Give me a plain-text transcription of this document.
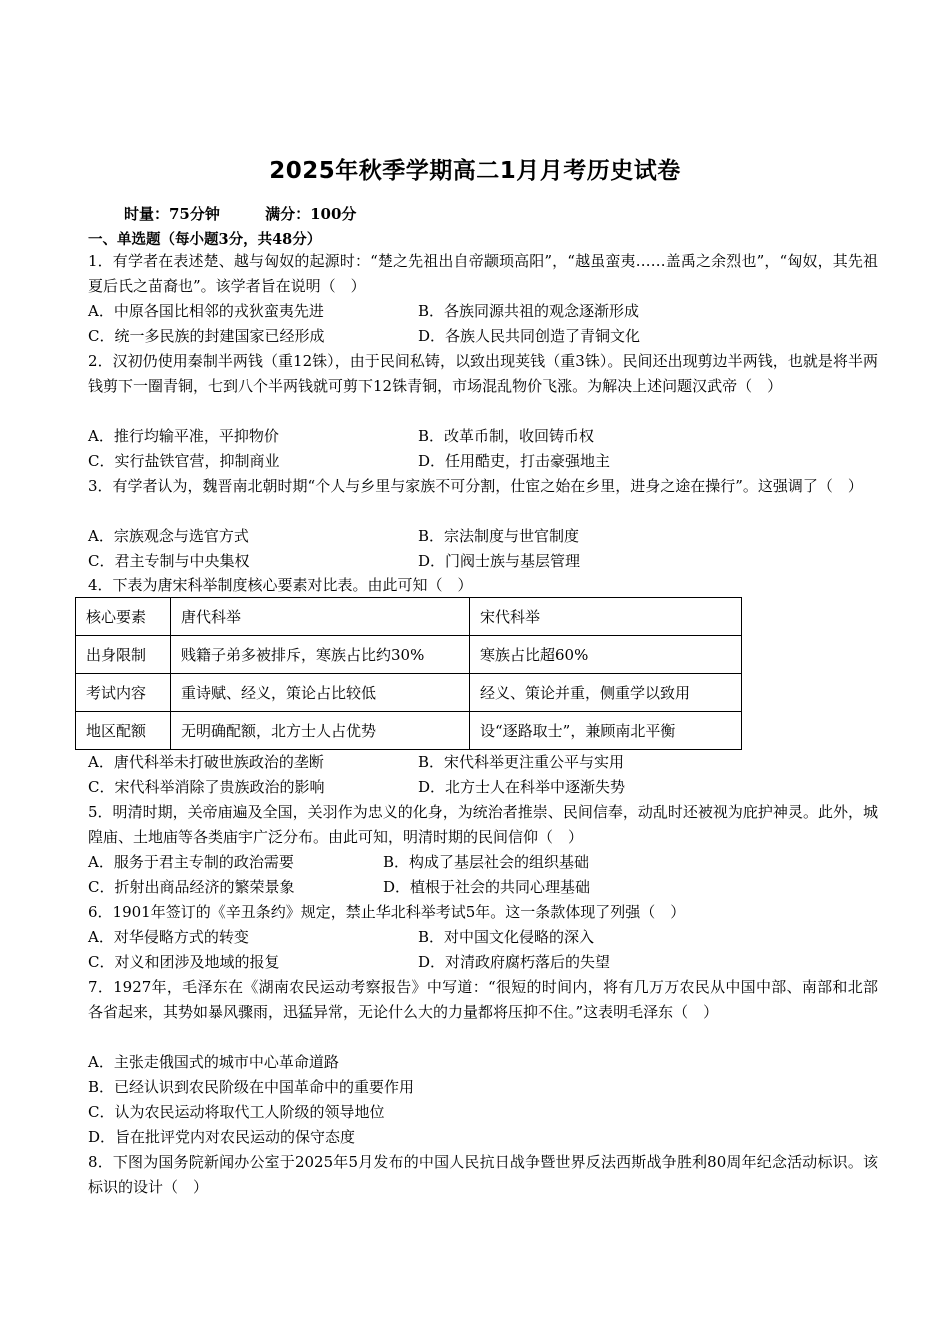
2025年秋季学期高二1月月考历史试卷
时量：75分钟	满分：100分
一、单选题（每小题3分，共48分）
1．有学者在表述楚、越与匈奴的起源时：“楚之先祖出自帝颛顼高阳”，“越虽蛮夷……盖禹之余烈也”，“匈奴，其先祖夏后氏之苗裔也”。该学者旨在说明（　）
A．中原各国比相邻的戎狄蛮夷先进	B．各族同源共祖的观念逐渐形成
C．统一多民族的封建国家已经形成	D．各族人民共同创造了青铜文化
2．汉初仍使用秦制半两钱（重12铢），由于民间私铸，以致出现荚钱（重3铢）。民间还出现剪边半两钱，也就是将半两钱剪下一圈青铜，七到八个半两钱就可剪下12铢青铜，市场混乱物价飞涨。为解决上述问题汉武帝（　）
A．推行均输平准，平抑物价	B．改革币制，收回铸币权
C．实行盐铁官营，抑制商业	D．任用酷吏，打击豪强地主
3．有学者认为，魏晋南北朝时期“个人与乡里与家族不可分割，仕宦之始在乡里，进身之途在操行”。这强调了（　）
A．宗族观念与选官方式	B．宗法制度与世官制度
C．君主专制与中央集权	D．门阀士族与基层管理
4．下表为唐宋科举制度核心要素对比表。由此可知（　）
核心要素	唐代科举	宋代科举
出身限制	贱籍子弟多被排斥，寒族占比约30%	寒族占比超60%
考试内容	重诗赋、经义，策论占比较低	经义、策论并重，侧重学以致用
地区配额	无明确配额，北方士人占优势	设“逐路取士”，兼顾南北平衡
A．唐代科举未打破世族政治的垄断	B．宋代科举更注重公平与实用
C．宋代科举消除了贵族政治的影响	D．北方士人在科举中逐渐失势
5．明清时期，关帝庙遍及全国，关羽作为忠义的化身，为统治者推崇、民间信奉，动乱时还被视为庇护神灵。此外，城隍庙、土地庙等各类庙宇广泛分布。由此可知，明清时期的民间信仰（　）
A．服务于君主专制的政治需要	B．构成了基层社会的组织基础
C．折射出商品经济的繁荣景象	D．植根于社会的共同心理基础
6．1901年签订的《辛丑条约》规定，禁止华北科举考试5年。这一条款体现了列强（　）
A．对华侵略方式的转变	B．对中国文化侵略的深入
C．对义和团涉及地域的报复	D．对清政府腐朽落后的失望
7．1927年，毛泽东在《湖南农民运动考察报告》中写道：“很短的时间内，将有几万万农民从中国中部、南部和北部各省起来，其势如暴风骤雨，迅猛异常，无论什么大的力量都将压抑不住。”这表明毛泽东（　）
A．主张走俄国式的城市中心革命道路
B．已经认识到农民阶级在中国革命中的重要作用
C．认为农民运动将取代工人阶级的领导地位
D．旨在批评党内对农民运动的保守态度
8．下图为国务院新闻办公室于2025年5月发布的中国人民抗日战争暨世界反法西斯战争胜利80周年纪念活动标识。该标识的设计（　）
